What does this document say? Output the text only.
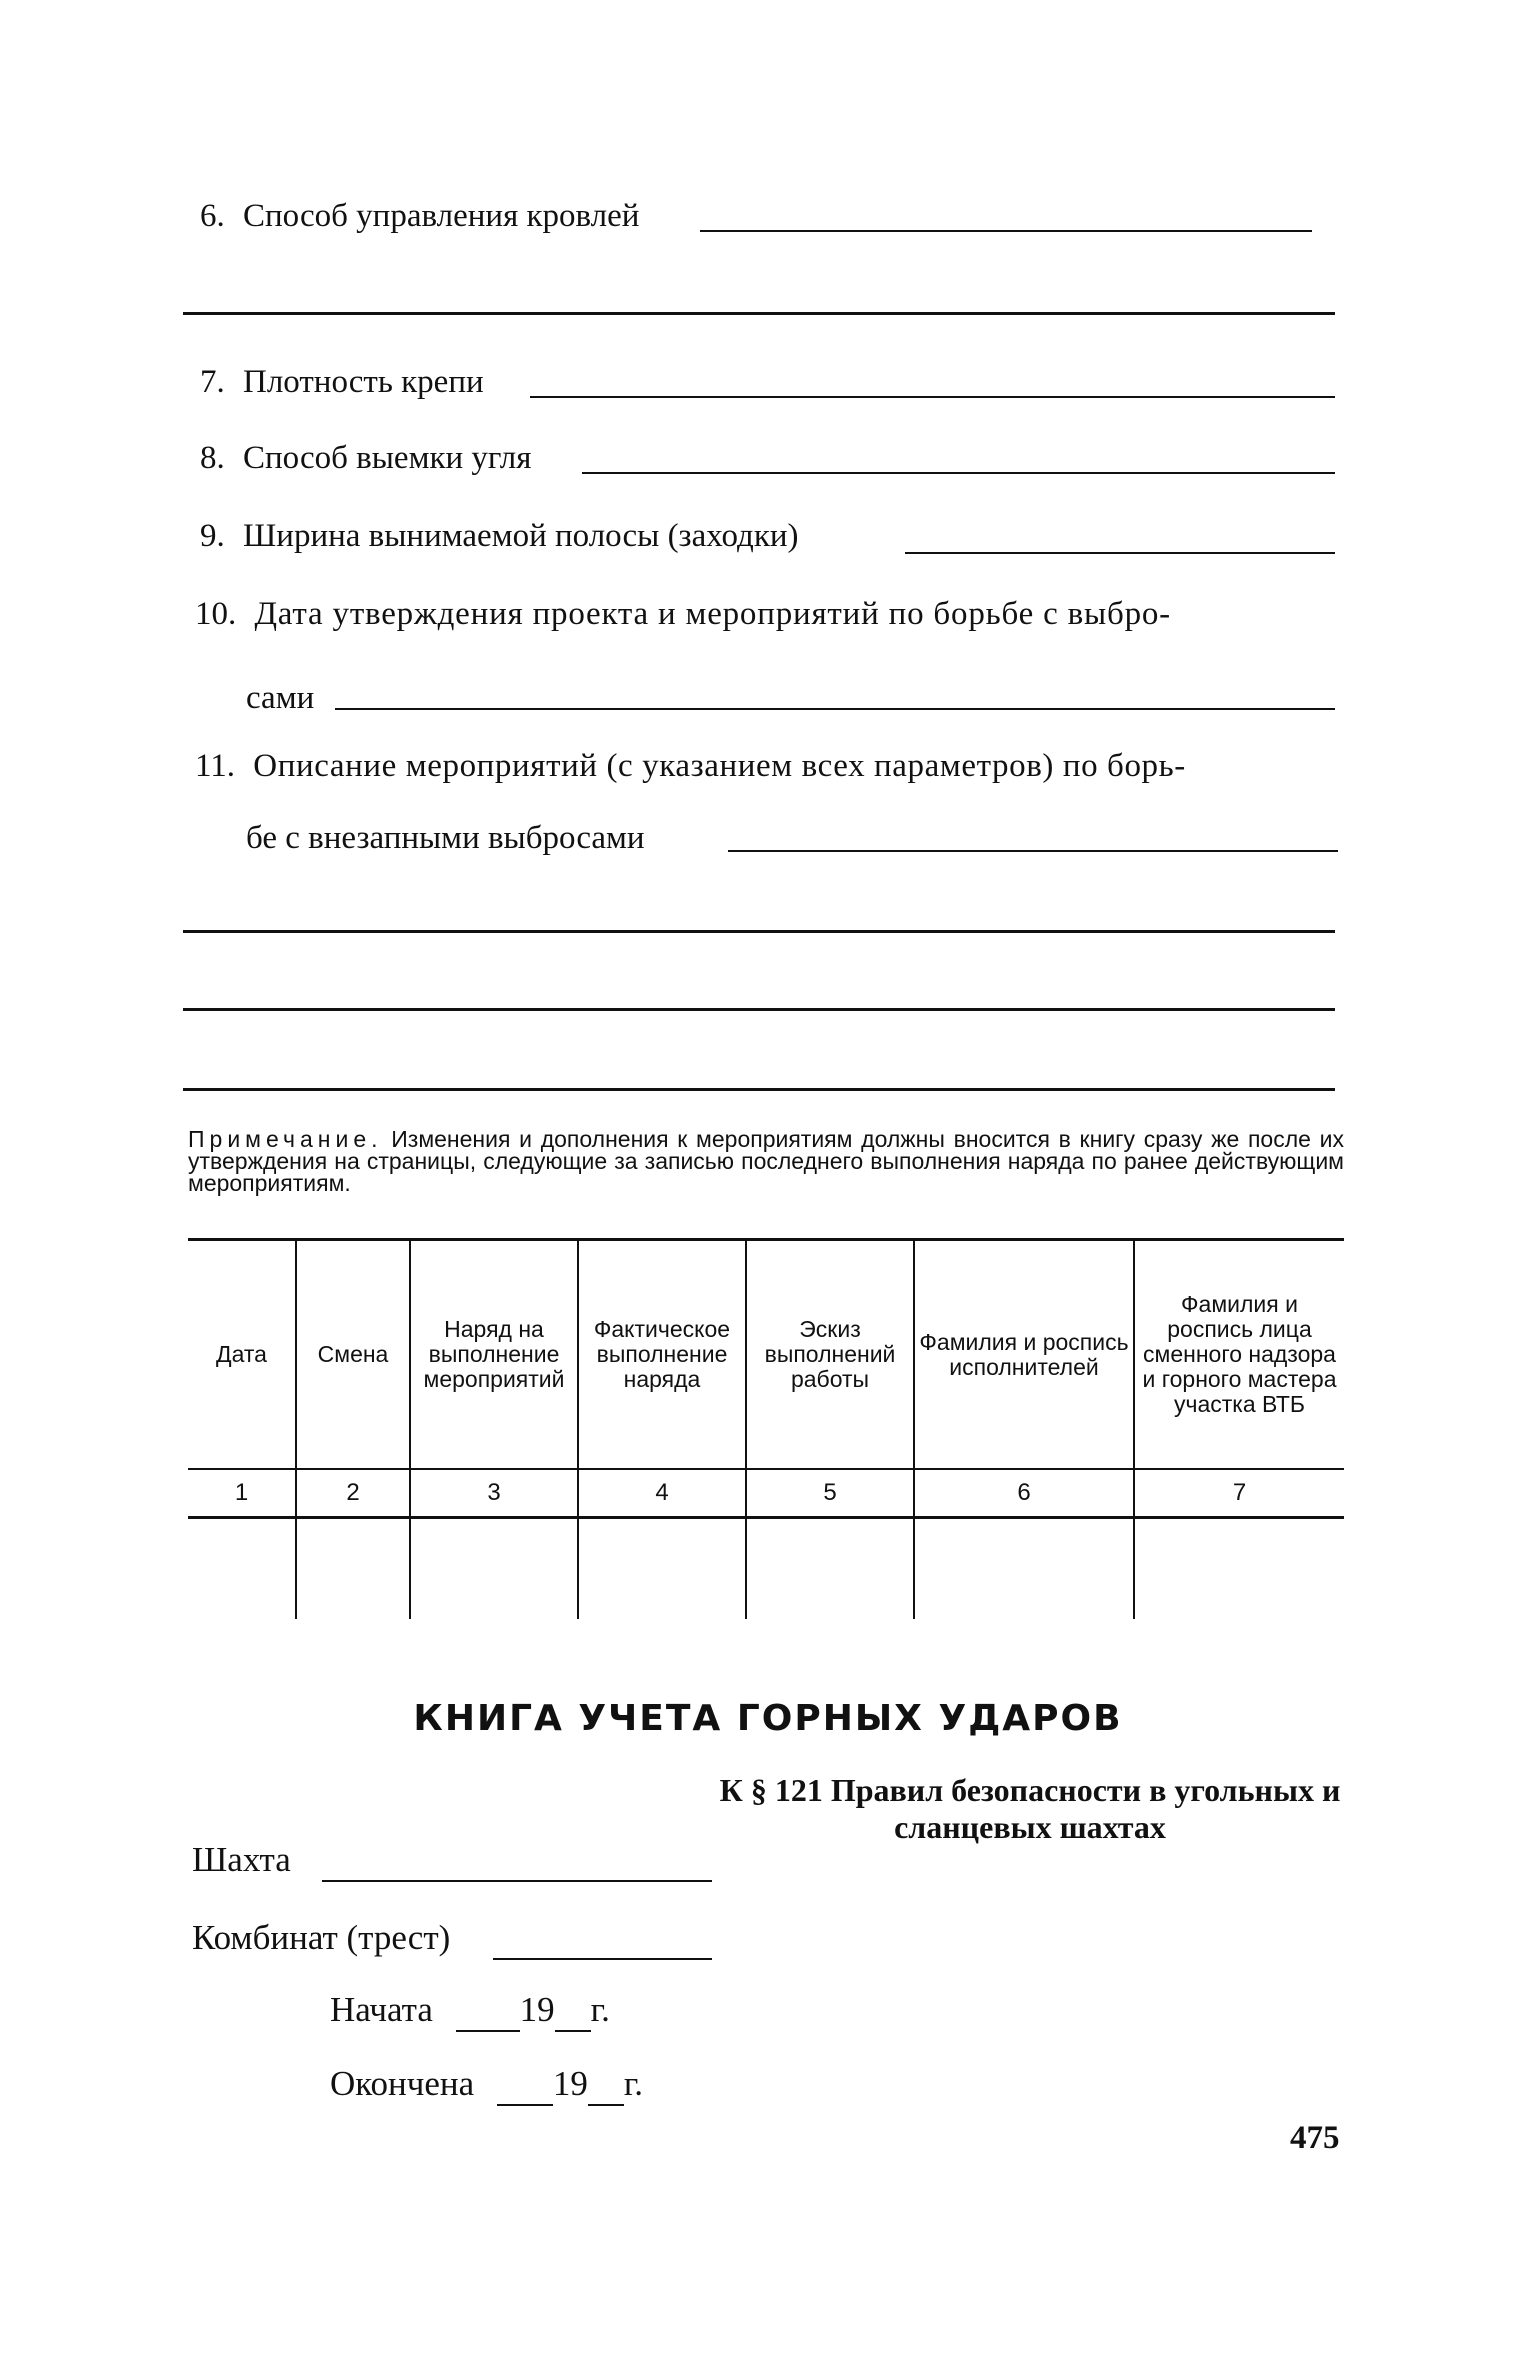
6. Способ управления кровлей
7. Плотность крепи
8. Способ выемки угля
9. Ширина вынимаемой полосы (заходки)
10. Дата утверждения проекта и мероприятий по борьбе с выбро-
сами
11. Описание мероприятий (с указанием всех параметров) по борь-
бе с внезапными выбросами
Примечание. Изменения и дополнения к мероприятиям должны вносится в книгу сразу же после их утверждения на страницы, следующие за записью последнего выполнения наряда по ранее действующим мероприятиям.
Дата	Смена	Наряд на выполнение мероприятий	Фактическое выполнение наряда	Эскиз выполнений работы	Фамилия и роспись исполнителей	Фамилия и роспись лица сменного надзора и горного мастера участка ВТБ
1	2	3	4	5	6	7

КНИГА УЧЕТА ГОРНЫХ УДАРОВ
К § 121 Правил безопасности в угольных и сланцевых шахтах
Шахта
Комбинат (трест)
Начата 19 г.
Окончена 19 г.
475
